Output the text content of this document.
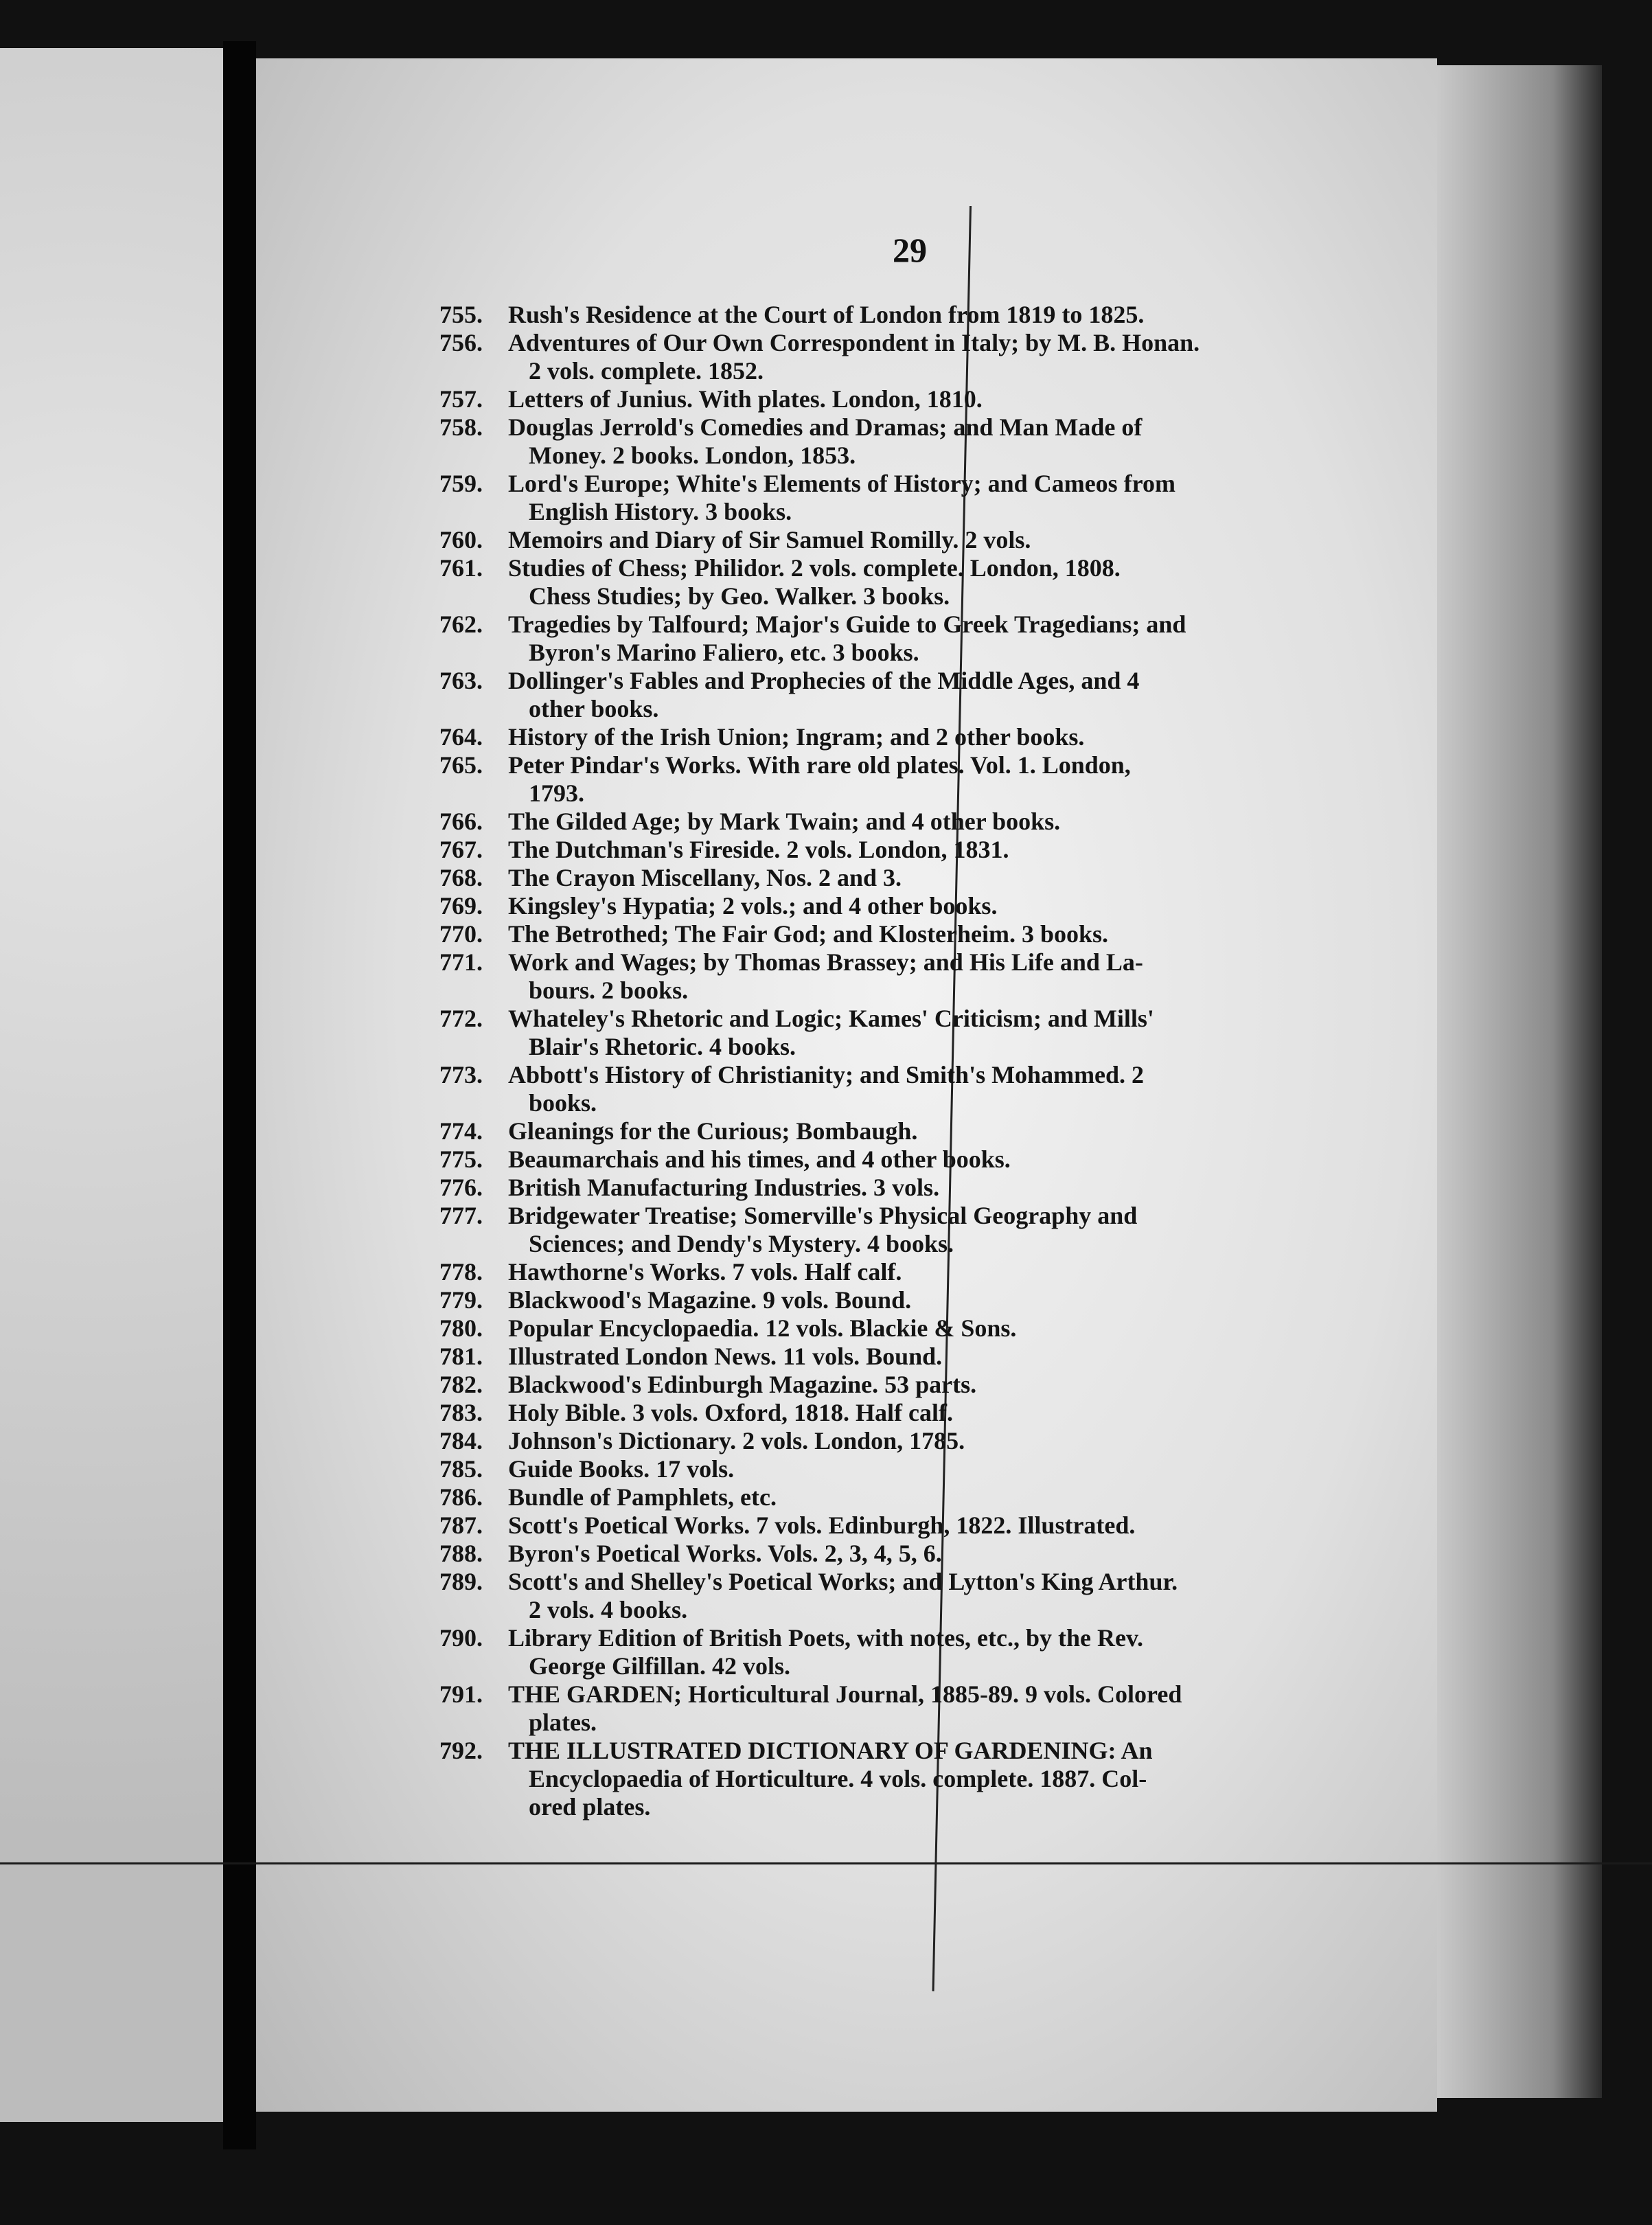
29
755.	Rush's Residence at the Court of London from 1819 to 1825.
756.	Adventures of Our Own Correspondent in Italy; by M. B. Honan.
2 vols. complete. 1852.
757.	Letters of Junius. With plates. London, 1810.
758.	Douglas Jerrold's Comedies and Dramas; and Man Made of
Money. 2 books. London, 1853.
759.	Lord's Europe; White's Elements of History; and Cameos from
English History. 3 books.
760.	Memoirs and Diary of Sir Samuel Romilly. 2 vols.
761.	Studies of Chess; Philidor. 2 vols. complete. London, 1808.
Chess Studies; by Geo. Walker. 3 books.
762.	Tragedies by Talfourd; Major's Guide to Greek Tragedians; and
Byron's Marino Faliero, etc. 3 books.
763.	Dollinger's Fables and Prophecies of the Middle Ages, and 4
other books.
764.	History of the Irish Union; Ingram; and 2 other books.
765.	Peter Pindar's Works. With rare old plates. Vol. 1. London,
1793.
766.	The Gilded Age; by Mark Twain; and 4 other books.
767.	The Dutchman's Fireside. 2 vols. London, 1831.
768.	The Crayon Miscellany, Nos. 2 and 3.
769.	Kingsley's Hypatia; 2 vols.; and 4 other books.
770.	The Betrothed; The Fair God; and Klosterheim. 3 books.
771.	Work and Wages; by Thomas Brassey; and His Life and La-
bours. 2 books.
772.	Whateley's Rhetoric and Logic; Kames' Criticism; and Mills'
Blair's Rhetoric. 4 books.
773.	Abbott's History of Christianity; and Smith's Mohammed. 2
books.
774.	Gleanings for the Curious; Bombaugh.
775.	Beaumarchais and his times, and 4 other books.
776.	British Manufacturing Industries. 3 vols.
777.	Bridgewater Treatise; Somerville's Physical Geography and
Sciences; and Dendy's Mystery. 4 books.
778.	Hawthorne's Works. 7 vols. Half calf.
779.	Blackwood's Magazine. 9 vols. Bound.
780.	Popular Encyclopaedia. 12 vols. Blackie & Sons.
781.	Illustrated London News. 11 vols. Bound.
782.	Blackwood's Edinburgh Magazine. 53 parts.
783.	Holy Bible. 3 vols. Oxford, 1818. Half calf.
784.	Johnson's Dictionary. 2 vols. London, 1785.
785.	Guide Books. 17 vols.
786.	Bundle of Pamphlets, etc.
787.	Scott's Poetical Works. 7 vols. Edinburgh, 1822. Illustrated.
788.	Byron's Poetical Works. Vols. 2, 3, 4, 5, 6.
789.	Scott's and Shelley's Poetical Works; and Lytton's King Arthur.
2 vols. 4 books.
790.	Library Edition of British Poets, with notes, etc., by the Rev.
George Gilfillan. 42 vols.
791.	THE GARDEN; Horticultural Journal, 1885-89. 9 vols. Colored
plates.
792.	THE ILLUSTRATED DICTIONARY OF GARDENING: An
Encyclopaedia of Horticulture. 4 vols. complete. 1887. Col-
ored plates.
